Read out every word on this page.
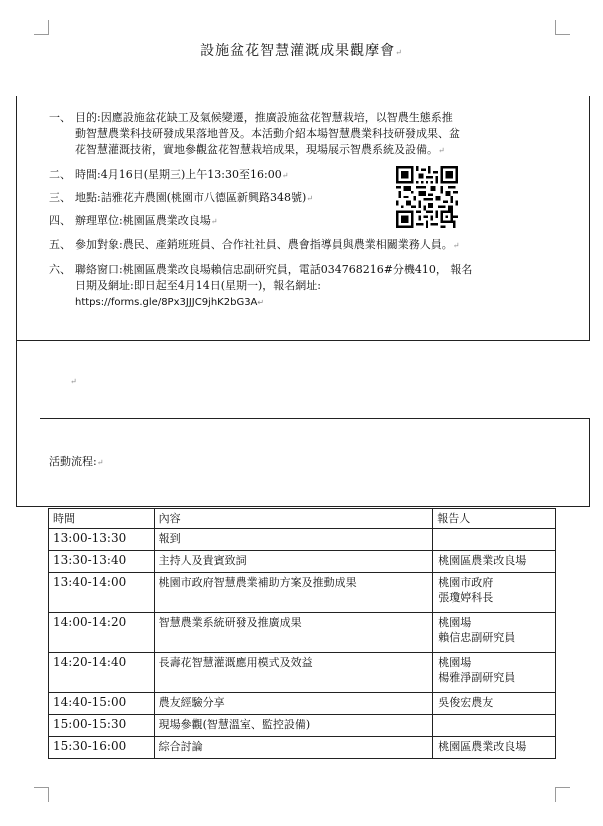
設施盆花智慧灌溉成果觀摩會↵
一、 目的:因應設施盆花缺工及氣候變遷，推廣設施盆花智慧栽培，以智農生態系推
動智慧農業科技研發成果落地普及。本活動介紹本場智慧農業科技研發成果、盆
花智慧灌溉技術，實地參觀盆花智慧栽培成果，現場展示智農系統及設備。↵
二、 時間:4月16日(星期三)上午13:30至16:00↵
三、 地點:詰雅花卉農園(桃園市八德區新興路348號)↵
四、 辦理單位:桃園區農業改良場↵
五、 參加對象:農民、產銷班班員、合作社社員、農會指導員與農業相關業務人員。↵
六、 聯絡窗口:桃園區農業改良場賴信忠副研究員，電話034768216#分機410， 報名
日期及網址:即日起至4月14日(星期一)，報名網址:
https://forms.gle/8Px3JJJC9jhK2bG3A↵
↵
活動流程:↵
時間	內容	報告人
13:00-13:30	報到	

13:30-13:40	主持人及貴賓致詞	桃園區農業改良場

13:40-14:00	桃園市政府智慧農業補助方案及推動成果	桃園市政府
張瓊婷科長

14:00-14:20	智慧農業系統研發及推廣成果	桃園場
賴信忠副研究員

14:20-14:40	長壽花智慧灌溉應用模式及效益	桃園場
楊雅淨副研究員

14:40-15:00	農友經驗分享	吳俊宏農友

15:00-15:30	現場參觀(智慧溫室、監控設備)	

15:30-16:00	綜合討論	桃園區農業改良場
